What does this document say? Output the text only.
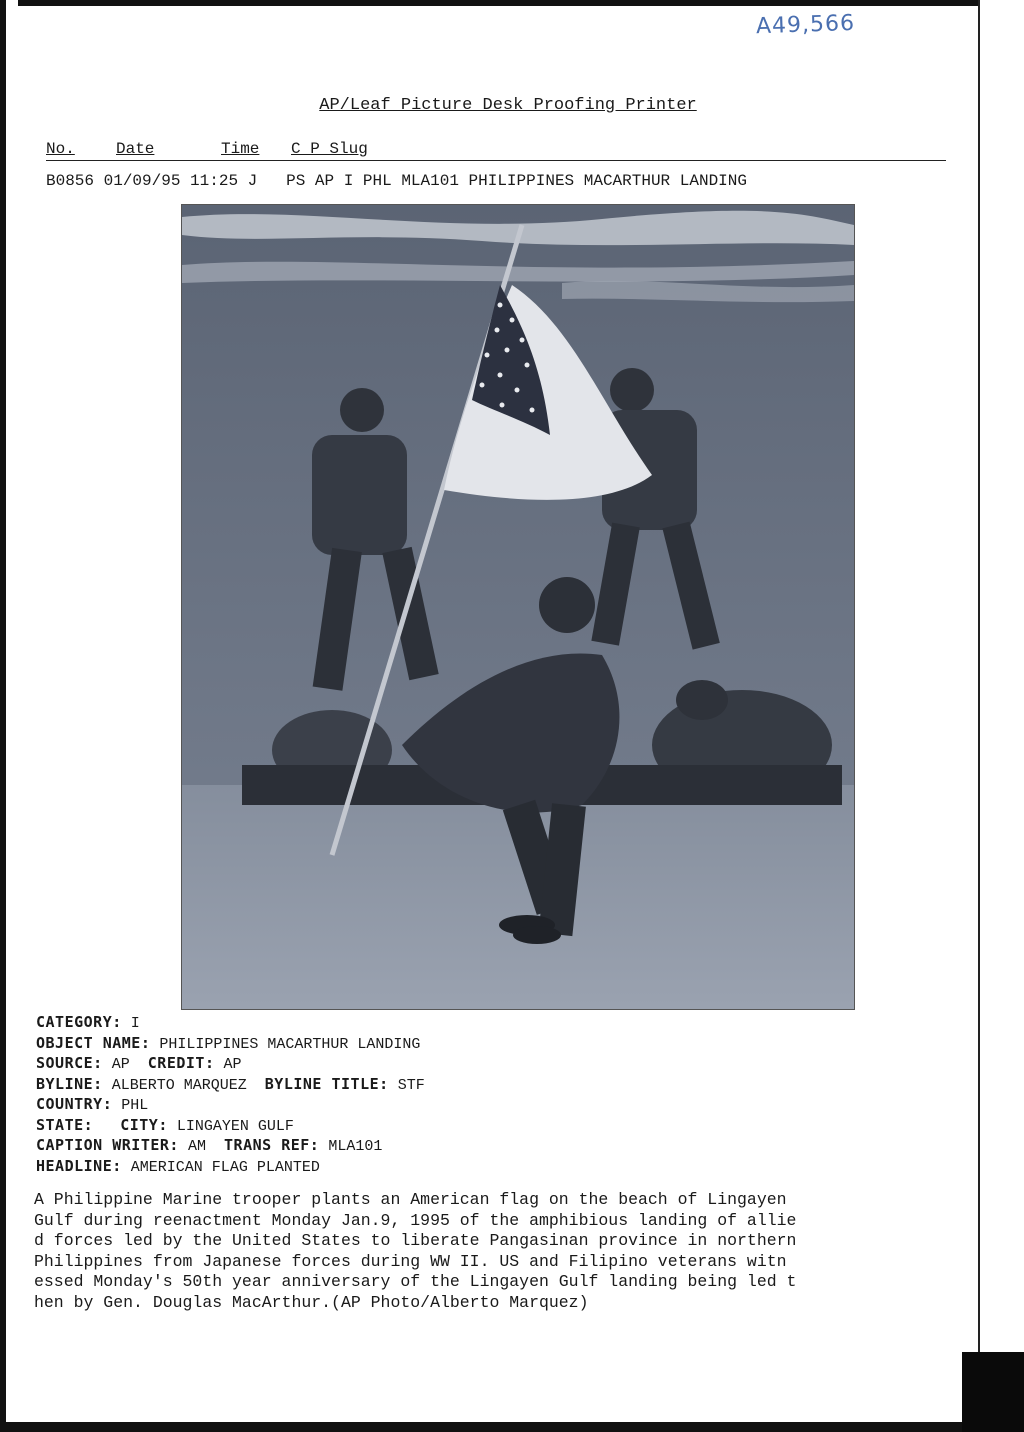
A49,566
AP/Leaf Picture Desk Proofing Printer
No.	Date	Time C P Slug
B0856 01/09/95 11:25 J PS AP I PHL MLA101 PHILIPPINES MACARTHUR LANDING
CATEGORY: I
OBJECT NAME: PHILIPPINES MACARTHUR LANDING
SOURCE: AP CREDIT: AP
BYLINE: ALBERTO MARQUEZ BYLINE TITLE: STF
COUNTRY: PHL
STATE: CITY: LINGAYEN GULF
CAPTION WRITER: AM TRANS REF: MLA101
HEADLINE: AMERICAN FLAG PLANTED
A Philippine Marine trooper plants an American flag on the beach of Lingayen
Gulf during reenactment Monday Jan.9, 1995 of the amphibious landing of allie
d forces led by the United States to liberate Pangasinan province in northern
Philippines from Japanese forces during WW II. US and Filipino veterans witn
essed Monday's 50th year anniversary of the Lingayen Gulf landing being led t
hen by Gen. Douglas MacArthur.(AP Photo/Alberto Marquez)
